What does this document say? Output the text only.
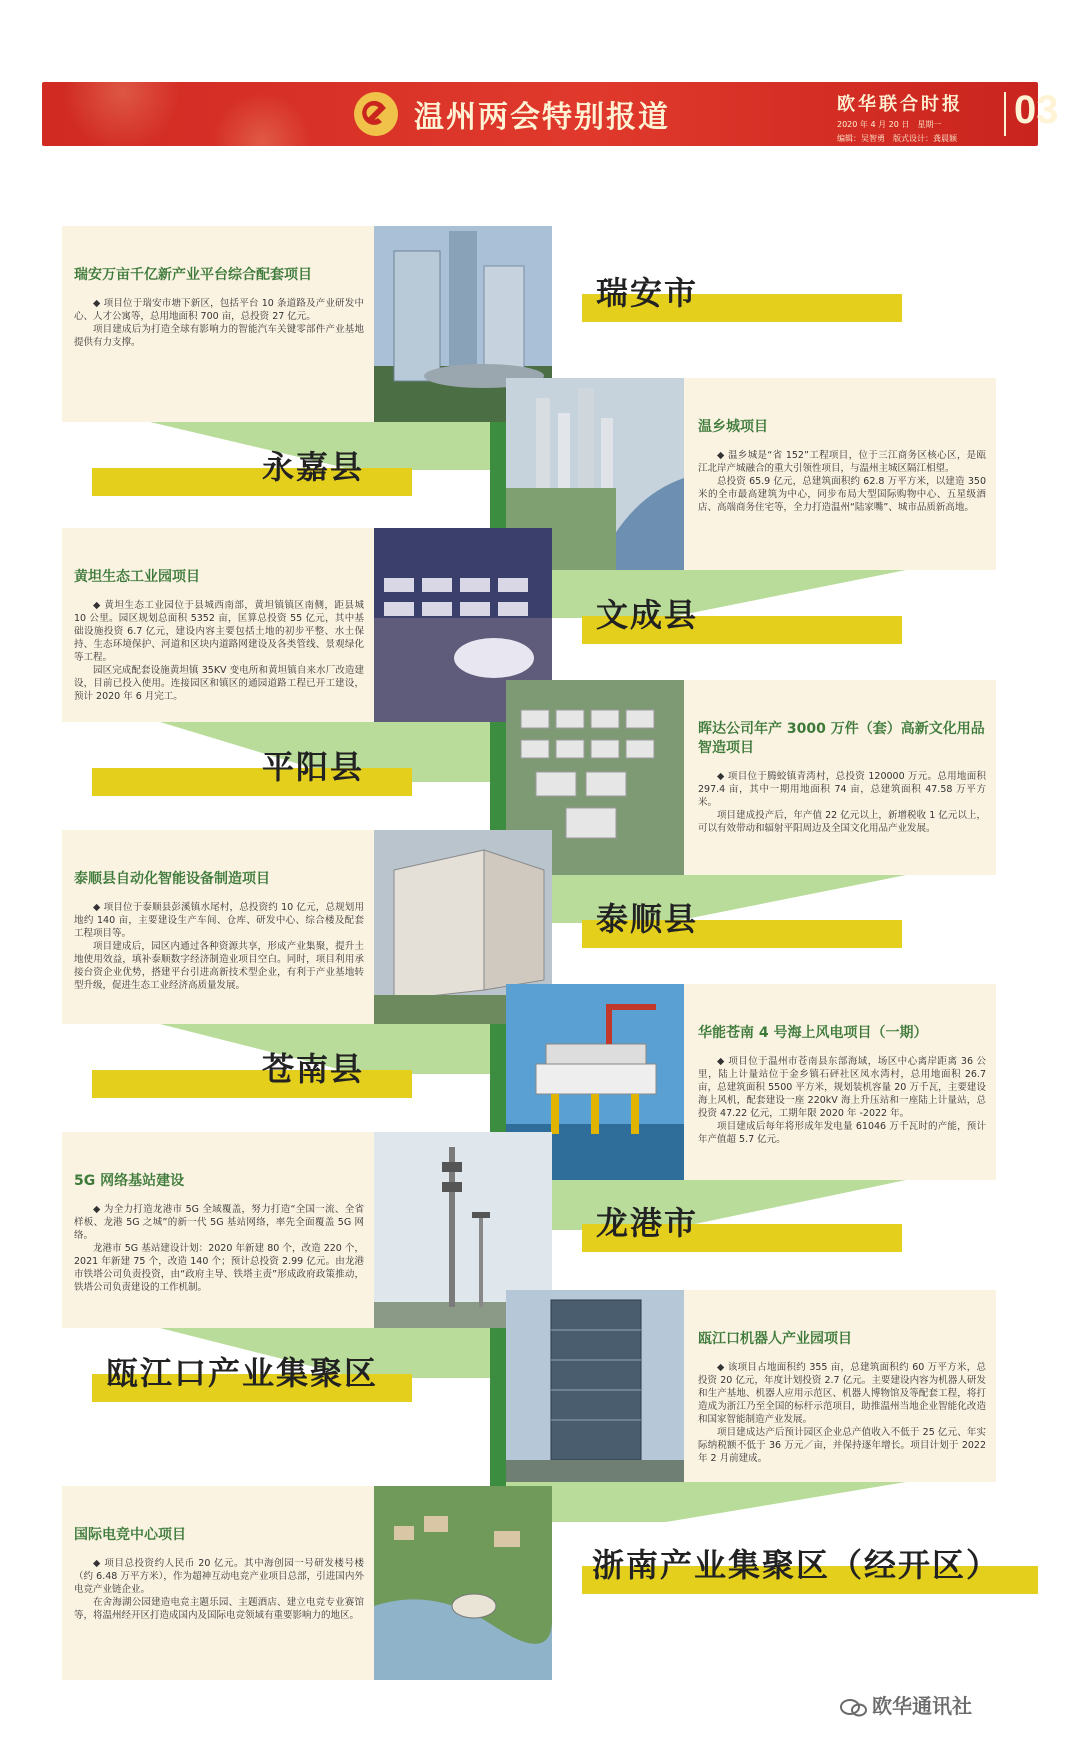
温州两会特别报道	欧华联合时报
2020 年 4 月 20 日　星期一
编辑：吴智勇　版式设计：龚晨颖
03
瑞安万亩千亿新产业平台综合配套项目

◆ 项目位于瑞安市塘下新区，包括平台 10 条道路及产业研发中心、人才公寓等，总用地面积 700 亩，总投资 27 亿元。

项目建成后为打造全球有影响力的智能汽车关键零部件产业基地提供有力支撑。

瑞安市
温乡城项目

◆ 温乡城是“省 152”工程项目，位于三江商务区核心区，是瓯江北岸产城融合的重大引领性项目，与温州主城区隔江相望。

总投资 65.9 亿元，总建筑面积约 62.8 万平方米，以建造 350 米的全市最高建筑为中心，同步布局大型国际购物中心、五星级酒店、高端商务住宅等，全力打造温州“陆家嘴”、城市品质新高地。

永嘉县
黄坦生态工业园项目

◆ 黄坦生态工业园位于县城西南部，黄坦镇镇区南侧，距县城 10 公里。园区规划总面积 5352 亩，匡算总投资 55 亿元，其中基础设施投资 6.7 亿元，建设内容主要包括土地的初步平整、水土保持、生态环境保护、河道和区块内道路网建设及各类管线、景观绿化等工程。

园区完成配套设施黄坦镇 35KV 变电所和黄坦镇自来水厂改造建设，目前已投入使用。连接园区和镇区的通园道路工程已开工建设，预计 2020 年 6 月完工。

文成县
晖达公司年产 3000 万件（套）高新文化用品智造项目

◆ 项目位于腾蛟镇青湾村，总投资 120000 万元。总用地面积 297.4 亩，其中一期用地面积 74 亩，总建筑面积 47.58 万平方米。

项目建成投产后，年产值 22 亿元以上，新增税收 1 亿元以上，可以有效带动和辐射平阳周边及全国文化用品产业发展。

平阳县
泰顺县自动化智能设备制造项目

◆ 项目位于泰顺县彭溪镇水尾村，总投资约 10 亿元，总规划用地约 140 亩，主要建设生产车间、仓库、研发中心、综合楼及配套工程项目等。

项目建成后，园区内通过各种资源共享，形成产业集聚，提升土地使用效益，填补泰顺数字经济制造业项目空白。同时，项目利用承接台资企业优势，搭建平台引进高新技术型企业，有利于产业基地转型升级，促进生态工业经济高质量发展。

泰顺县
华能苍南 4 号海上风电项目（一期）

◆ 项目位于温州市苍南县东部海域，场区中心离岸距离 36 公里，陆上计量站位于金乡镇石砰社区凤水湾村，总用地面积 26.7 亩，总建筑面积 5500 平方米，规划装机容量 20 万千瓦，主要建设海上风机，配套建设一座 220kV 海上升压站和一座陆上计量站，总投资 47.22 亿元，工期年限 2020 年 -2022 年。

项目建成后每年将形成年发电量 61046 万千瓦时的产能，预计年产值超 5.7 亿元。

苍南县
5G 网络基站建设

◆ 为全力打造龙港市 5G 全域覆盖，努力打造“全国一流、全省样板、龙港 5G 之城”的新一代 5G 基站网络，率先全面覆盖 5G 网络。

龙港市 5G 基站建设计划：2020 年新建 80 个，改造 220 个，2021 年新建 75 个，改造 140 个；预计总投资 2.99 亿元。由龙港市铁塔公司负责投资，由“政府主导、铁塔主责”形成政府政策推动，铁塔公司负责建设的工作机制。

龙港市
瓯江口机器人产业园项目

◆ 该项目占地面积约 355 亩，总建筑面积约 60 万平方米，总投资 20 亿元，年度计划投资 2.7 亿元。主要建设内容为机器人研发和生产基地、机器人应用示范区、机器人博物馆及等配套工程，将打造成为浙江乃至全国的标杆示范项目，助推温州当地企业智能化改造和国家智能制造产业发展。

项目建成达产后预计园区企业总产值收入不低于 25 亿元、年实际纳税额不低于 36 万元／亩，并保持逐年增长。项目计划于 2022 年 2 月前建成。

瓯江口产业集聚区
国际电竞中心项目

◆ 项目总投资约人民币 20 亿元。其中海创园一号研发楼号楼（约 6.48 万平方米），作为超神互动电竞产业项目总部，引进国内外电竞产业链企业。

在舍海湖公园建造电竞主题乐园、主题酒店、建立电竞专业赛馆等，将温州经开区打造成国内及国际电竞领域有重要影响力的地区。

浙南产业集聚区（经开区）
欧华通讯社
